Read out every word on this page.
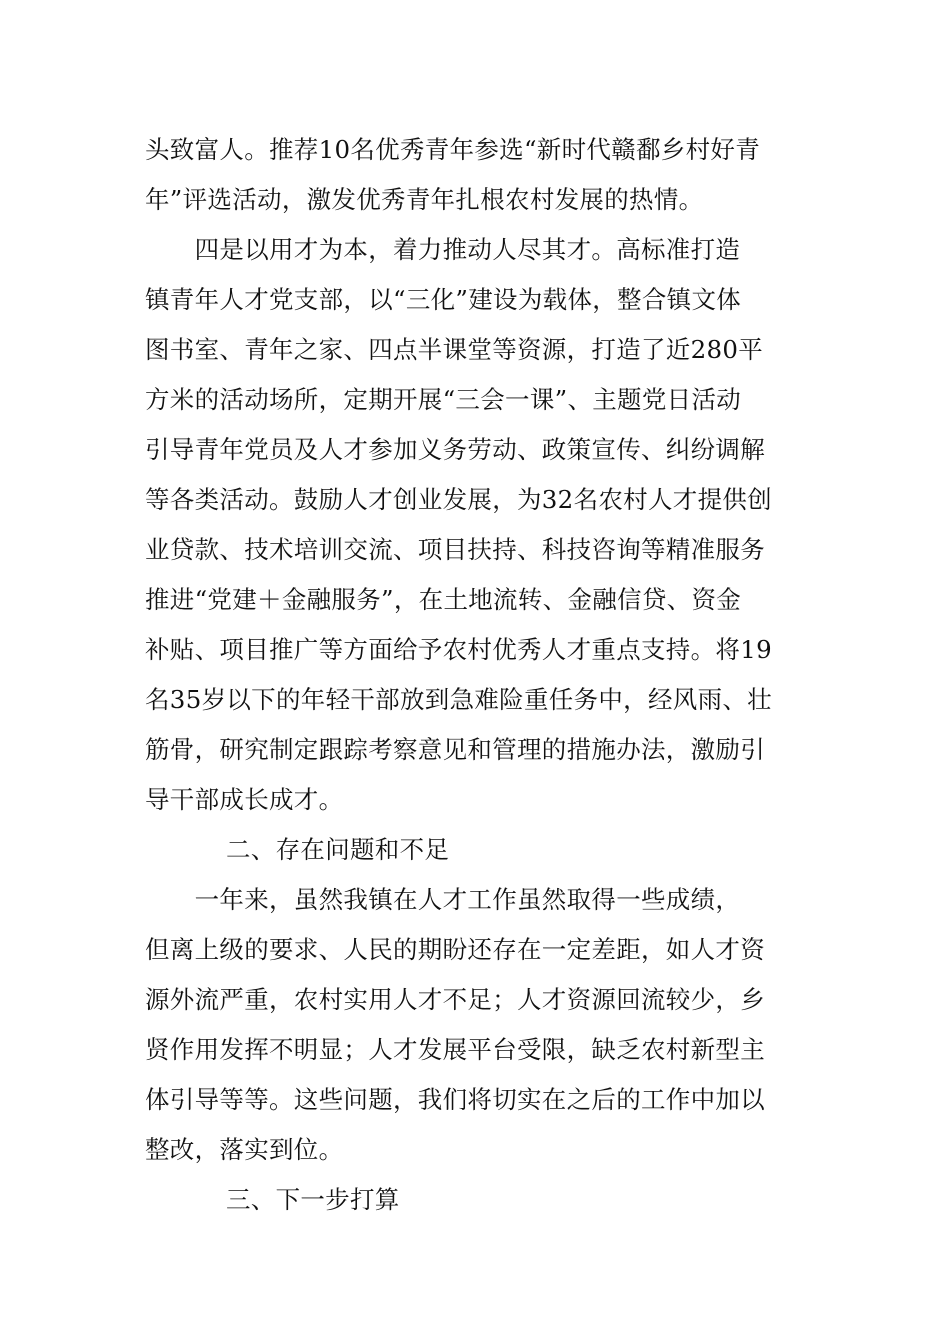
头致富人。推荐10名优秀青年参选“新时代赣鄱乡村好青
年”评选活动，激发优秀青年扎根农村发展的热情。
　　四是以用才为本，着力推动人尽其才。高标准打造
镇青年人才党支部，以“三化”建设为载体，整合镇文体
图书室、青年之家、四点半课堂等资源，打造了近280平
方米的活动场所，定期开展“三会一课”、主题党日活动
引导青年党员及人才参加义务劳动、政策宣传、纠纷调解
等各类活动。鼓励人才创业发展，为32名农村人才提供创
业贷款、技术培训交流、项目扶持、科技咨询等精准服务
推进“党建＋金融服务”，在土地流转、金融信贷、资金
补贴、项目推广等方面给予农村优秀人才重点支持。将19
名35岁以下的年轻干部放到急难险重任务中，经风雨、壮
筋骨，研究制定跟踪考察意见和管理的措施办法，激励引
导干部成长成才。
二、存在问题和不足
　　一年来，虽然我镇在人才工作虽然取得一些成绩，
但离上级的要求、人民的期盼还存在一定差距，如人才资
源外流严重，农村实用人才不足；人才资源回流较少，乡
贤作用发挥不明显；人才发展平台受限，缺乏农村新型主
体引导等等。这些问题，我们将切实在之后的工作中加以
整改，落实到位。
三、下一步打算
